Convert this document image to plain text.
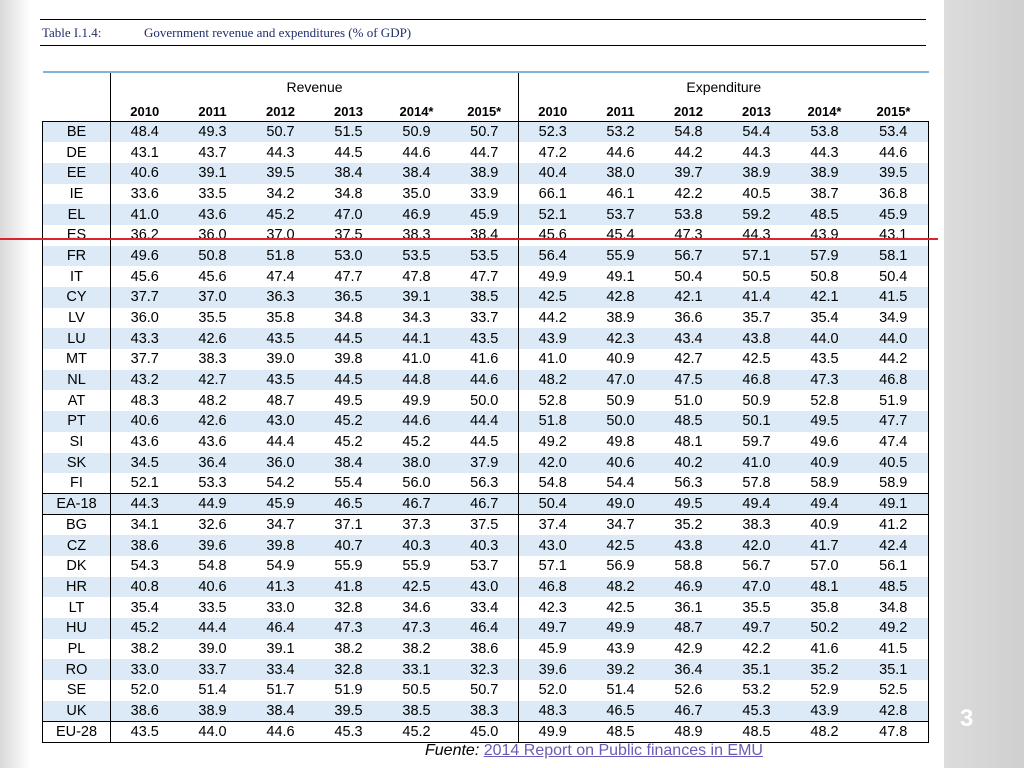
Table I.1.4:	Government revenue and expenditures (% of GDP)
	Revenue						Expenditure					
	2010	2011	2012	2013	2014*	2015*	2010	2011	2012	2013	2014*	2015*
BE	48.4	49.3	50.7	51.5	50.9	50.7	52.3	53.2	54.8	54.4	53.8	53.4
DE	43.1	43.7	44.3	44.5	44.6	44.7	47.2	44.6	44.2	44.3	44.3	44.6
EE	40.6	39.1	39.5	38.4	38.4	38.9	40.4	38.0	39.7	38.9	38.9	39.5
IE	33.6	33.5	34.2	34.8	35.0	33.9	66.1	46.1	42.2	40.5	38.7	36.8
EL	41.0	43.6	45.2	47.0	46.9	45.9	52.1	53.7	53.8	59.2	48.5	45.9
ES	36.2	36.0	37.0	37.5	38.3	38.4	45.6	45.4	47.3	44.3	43.9	43.1
FR	49.6	50.8	51.8	53.0	53.5	53.5	56.4	55.9	56.7	57.1	57.9	58.1
IT	45.6	45.6	47.4	47.7	47.8	47.7	49.9	49.1	50.4	50.5	50.8	50.4
CY	37.7	37.0	36.3	36.5	39.1	38.5	42.5	42.8	42.1	41.4	42.1	41.5
LV	36.0	35.5	35.8	34.8	34.3	33.7	44.2	38.9	36.6	35.7	35.4	34.9
LU	43.3	42.6	43.5	44.5	44.1	43.5	43.9	42.3	43.4	43.8	44.0	44.0
MT	37.7	38.3	39.0	39.8	41.0	41.6	41.0	40.9	42.7	42.5	43.5	44.2
NL	43.2	42.7	43.5	44.5	44.8	44.6	48.2	47.0	47.5	46.8	47.3	46.8
AT	48.3	48.2	48.7	49.5	49.9	50.0	52.8	50.9	51.0	50.9	52.8	51.9
PT	40.6	42.6	43.0	45.2	44.6	44.4	51.8	50.0	48.5	50.1	49.5	47.7
SI	43.6	43.6	44.4	45.2	45.2	44.5	49.2	49.8	48.1	59.7	49.6	47.4
SK	34.5	36.4	36.0	38.4	38.0	37.9	42.0	40.6	40.2	41.0	40.9	40.5
FI	52.1	53.3	54.2	55.4	56.0	56.3	54.8	54.4	56.3	57.8	58.9	58.9
EA-18	44.3	44.9	45.9	46.5	46.7	46.7	50.4	49.0	49.5	49.4	49.4	49.1
BG	34.1	32.6	34.7	37.1	37.3	37.5	37.4	34.7	35.2	38.3	40.9	41.2
CZ	38.6	39.6	39.8	40.7	40.3	40.3	43.0	42.5	43.8	42.0	41.7	42.4
DK	54.3	54.8	54.9	55.9	55.9	53.7	57.1	56.9	58.8	56.7	57.0	56.1
HR	40.8	40.6	41.3	41.8	42.5	43.0	46.8	48.2	46.9	47.0	48.1	48.5
LT	35.4	33.5	33.0	32.8	34.6	33.4	42.3	42.5	36.1	35.5	35.8	34.8
HU	45.2	44.4	46.4	47.3	47.3	46.4	49.7	49.9	48.7	49.7	50.2	49.2
PL	38.2	39.0	39.1	38.2	38.2	38.6	45.9	43.9	42.9	42.2	41.6	41.5
RO	33.0	33.7	33.4	32.8	33.1	32.3	39.6	39.2	36.4	35.1	35.2	35.1
SE	52.0	51.4	51.7	51.9	50.5	50.7	52.0	51.4	52.6	53.2	52.9	52.5
UK	38.6	38.9	38.4	39.5	38.5	38.3	48.3	46.5	46.7	45.3	43.9	42.8
EU-28	43.5	44.0	44.6	45.3	45.2	45.0	49.9	48.5	48.9	48.5	48.2	47.8
Fuente: 2014 Report on Public finances in EMU
3
